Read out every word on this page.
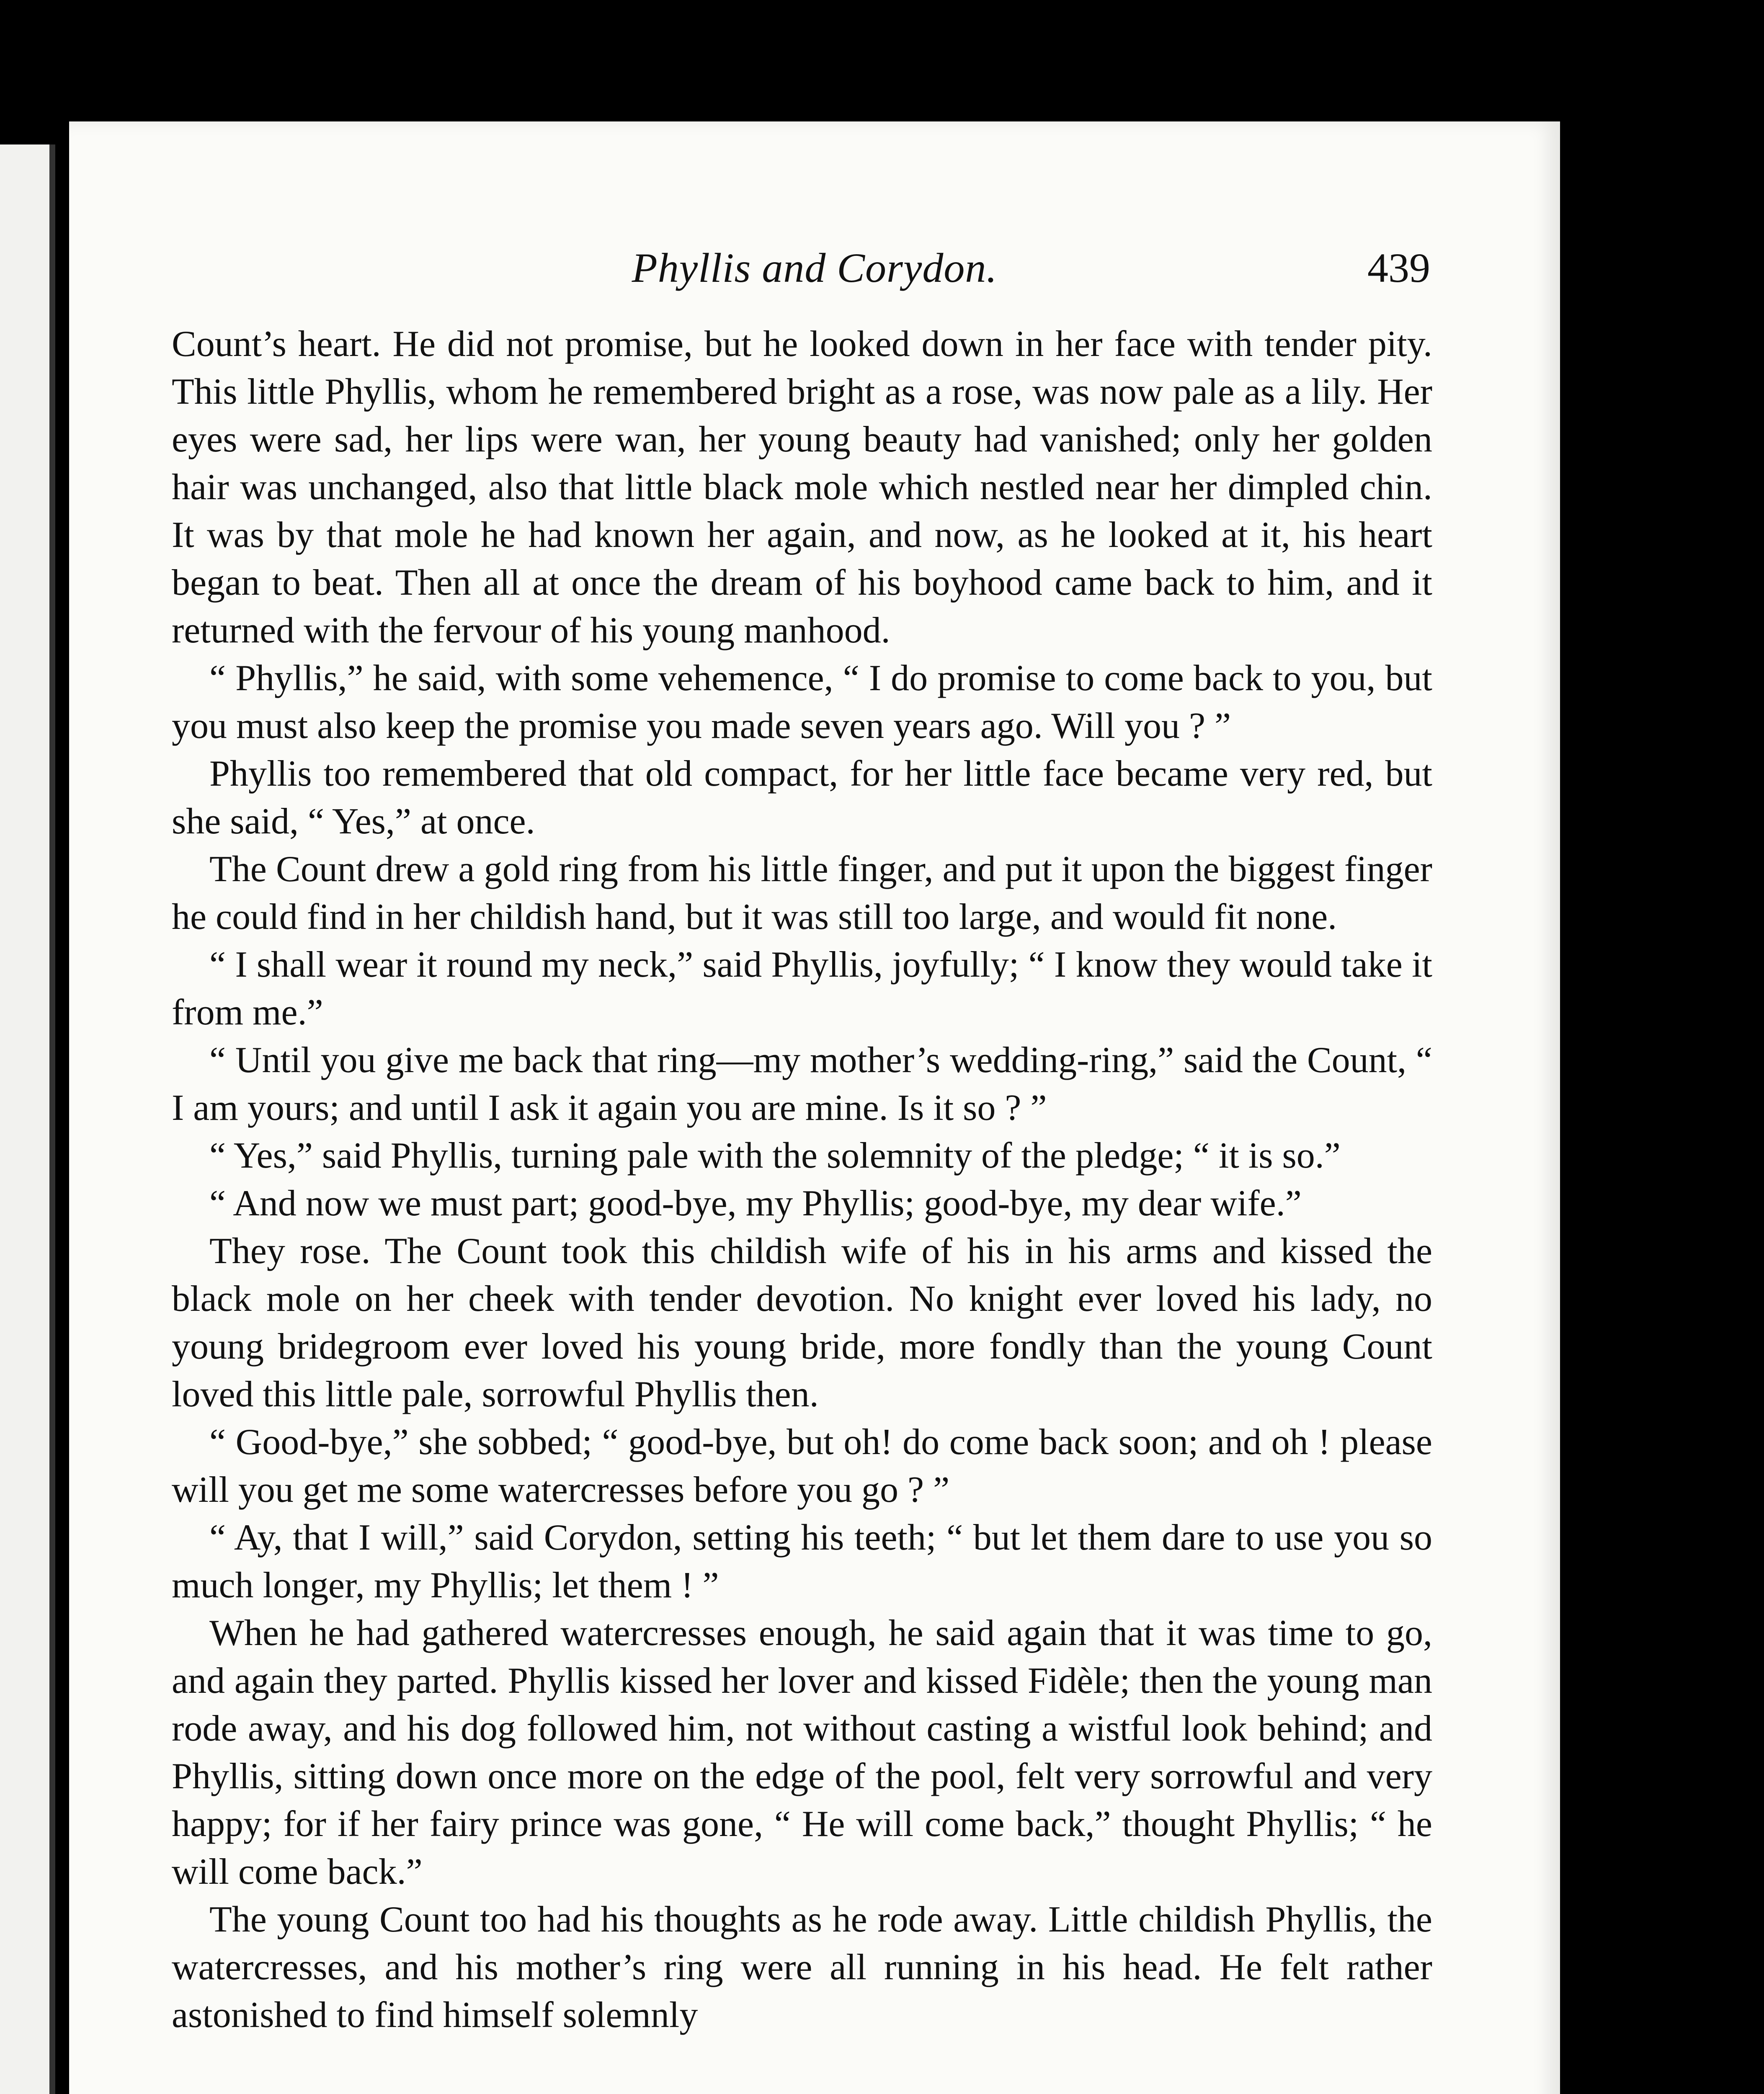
Phyllis and Corydon.	439

Count’s heart. He did not promise, but he looked down in her face with tender pity. This little Phyllis, whom he remembered bright as a rose, was now pale as a lily. Her eyes were sad, her lips were wan, her young beauty had vanished; only her golden hair was unchanged, also that little black mole which nestled near her dimpled chin. It was by that mole he had known her again, and now, as he looked at it, his heart began to beat. Then all at once the dream of his boyhood came back to him, and it returned with the fervour of his young manhood.

“ Phyllis,” he said, with some vehemence, “ I do promise to come back to you, but you must also keep the promise you made seven years ago. Will you ? ”

Phyllis too remembered that old compact, for her little face became very red, but she said, “ Yes,” at once.

The Count drew a gold ring from his little finger, and put it upon the biggest finger he could find in her childish hand, but it was still too large, and would fit none.

“ I shall wear it round my neck,” said Phyllis, joyfully; “ I know they would take it from me.”

“ Until you give me back that ring—my mother’s wedding-ring,” said the Count, “ I am yours; and until I ask it again you are mine. Is it so ? ”

“ Yes,” said Phyllis, turning pale with the solemnity of the pledge; “ it is so.”

“ And now we must part; good-bye, my Phyllis; good-bye, my dear wife.”

They rose. The Count took this childish wife of his in his arms and kissed the black mole on her cheek with tender devotion. No knight ever loved his lady, no young bridegroom ever loved his young bride, more fondly than the young Count loved this little pale, sorrowful Phyllis then.

“ Good-bye,” she sobbed; “ good-bye, but oh! do come back soon; and oh ! please will you get me some watercresses before you go ? ”

“ Ay, that I will,” said Corydon, setting his teeth; “ but let them dare to use you so much longer, my Phyllis; let them ! ”

When he had gathered watercresses enough, he said again that it was time to go, and again they parted. Phyllis kissed her lover and kissed Fidèle; then the young man rode away, and his dog followed him, not without casting a wistful look behind; and Phyllis, sitting down once more on the edge of the pool, felt very sorrowful and very happy; for if her fairy prince was gone, “ He will come back,” thought Phyllis; “ he will come back.”

The young Count too had his thoughts as he rode away. Little childish Phyllis, the watercresses, and his mother’s ring were all running in his head. He felt rather astonished to find himself solemnly
